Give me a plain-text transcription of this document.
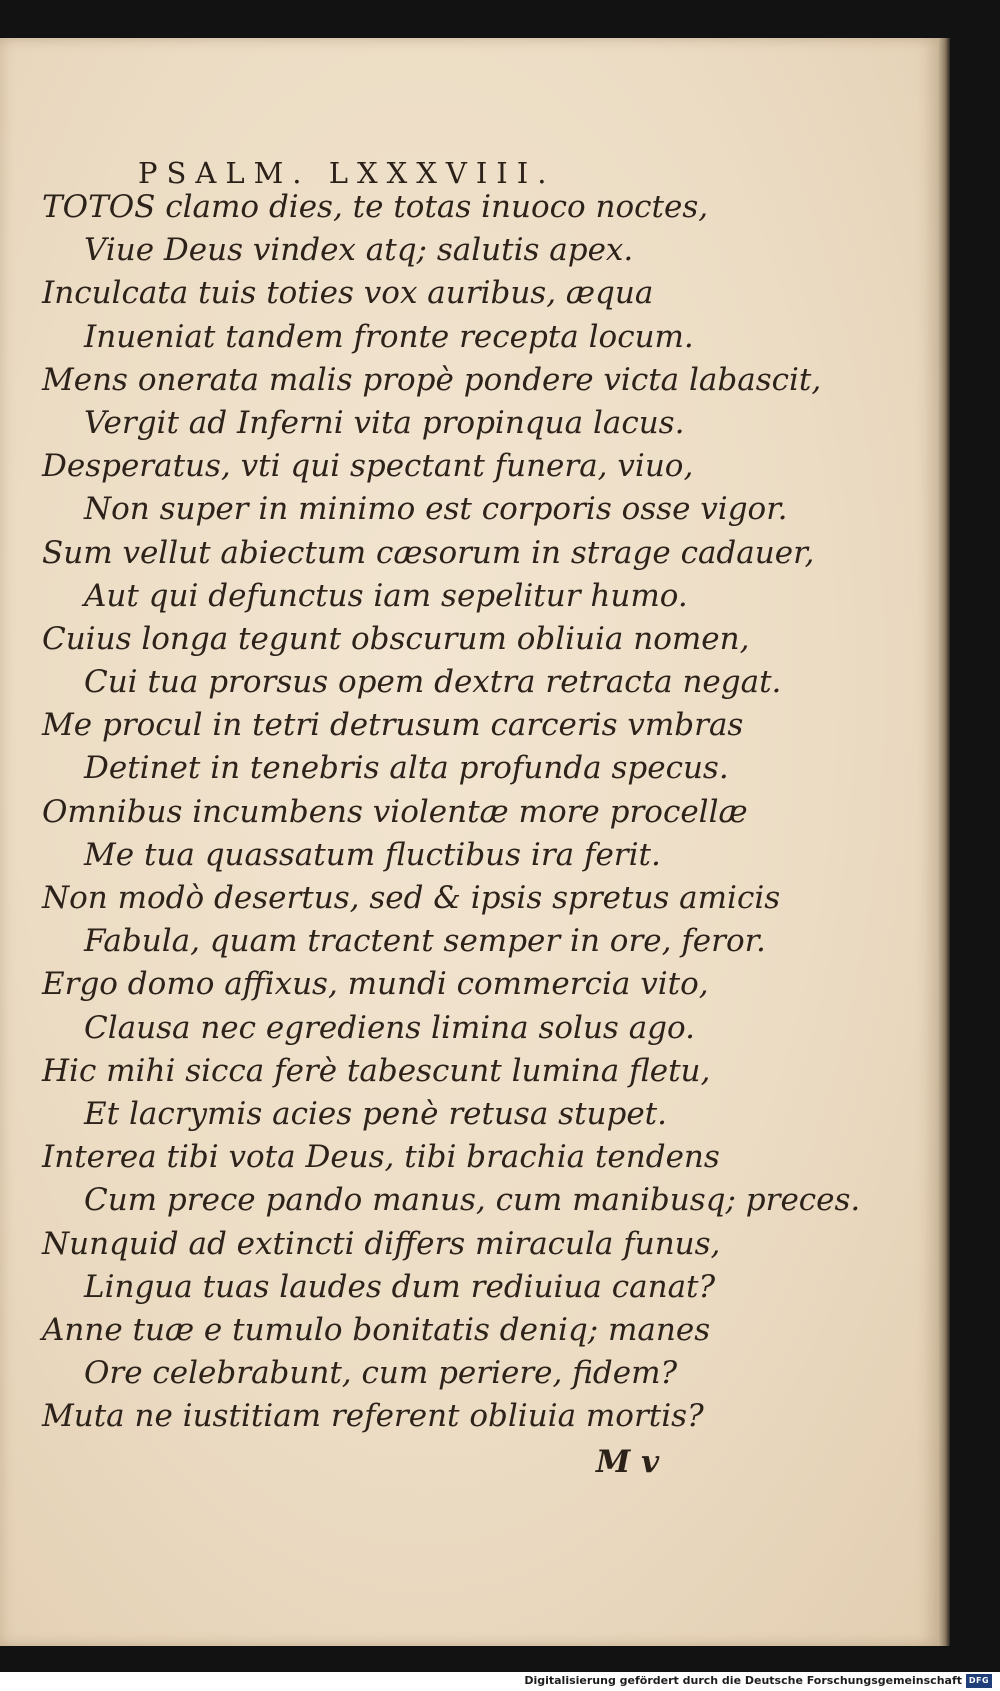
PSALM. LXXXVIII.
TOTOS clamo dies, te totas inuoco noctes,
Viue Deus vindex atq; salutis apex.
Inculcata tuis toties vox auribus, æqua
Inueniat tandem fronte recepta locum.
Mens onerata malis propè pondere victa labascit,
Vergit ad Inferni vita propinqua lacus.
Desperatus, vti qui spectant funera, viuo,
Non super in minimo est corporis osse vigor.
Sum vellut abiectum cæsorum in strage cadauer,
Aut qui defunctus iam sepelitur humo.
Cuius longa tegunt obscurum obliuia nomen,
Cui tua prorsus opem dextra retracta negat.
Me procul in tetri detrusum carceris vmbras
Detinet in tenebris alta profunda specus.
Omnibus incumbens violentæ more procellæ
Me tua quassatum fluctibus ira ferit.
Non modò desertus, sed & ipsis spretus amicis
Fabula, quam tractent semper in ore, feror.
Ergo domo affixus, mundi commercia vito,
Clausa nec egrediens limina solus ago.
Hic mihi sicca ferè tabescunt lumina fletu,
Et lacrymis acies penè retusa stupet.
Interea tibi vota Deus, tibi brachia tendens
Cum prece pando manus, cum manibusq; preces.
Nunquid ad extincti differs miracula funus,
Lingua tuas laudes dum rediuiua canat?
Anne tuæ e tumulo bonitatis deniq; manes
Ore celebrabunt, cum periere, fidem?
Muta ne iustitiam referent obliuia mortis?
M v
Digitalisierung gefördert durch die Deutsche Forschungsgemeinschaft DFG
